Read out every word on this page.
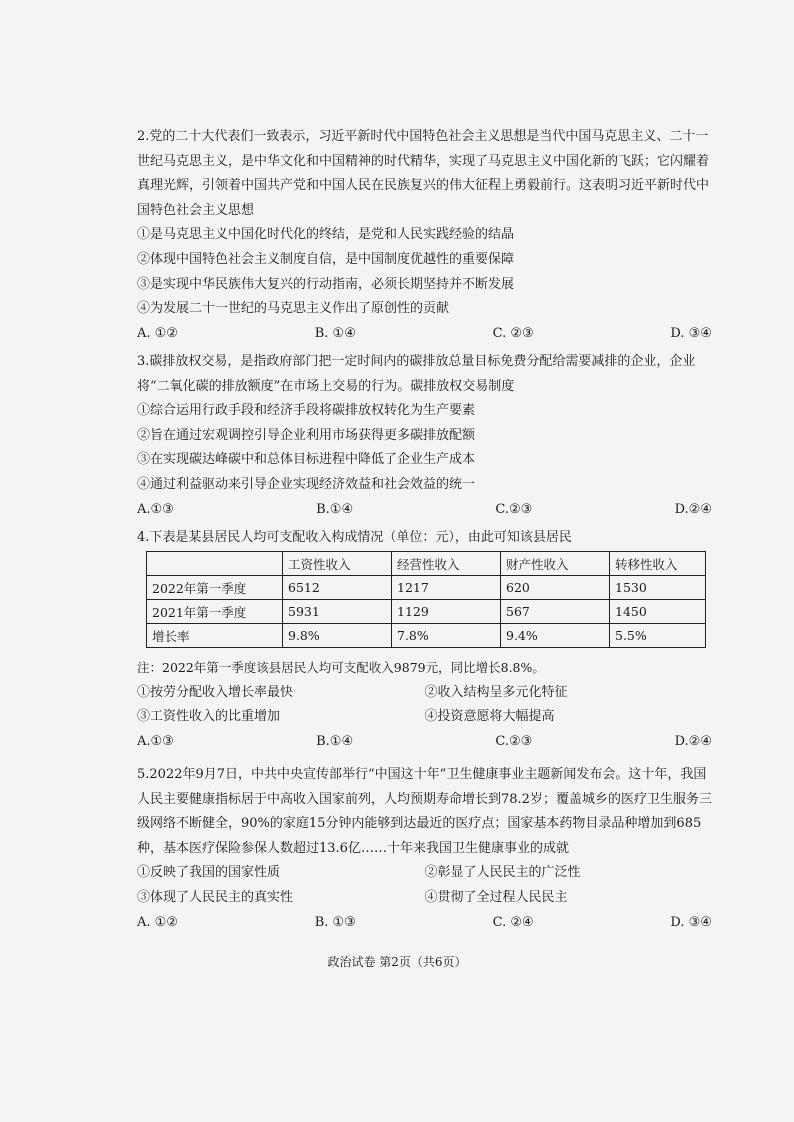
2.党的二十大代表们一致表示，习近平新时代中国特色社会主义思想是当代中国马克思主义、二十一世纪马克思主义，是中华文化和中国精神的时代精华，实现了马克思主义中国化新的飞跃；它闪耀着真理光辉，引领着中国共产党和中国人民在民族复兴的伟大征程上勇毅前行。这表明习近平新时代中国特色社会主义思想

①是马克思主义中国化时代化的终结，是党和人民实践经验的结晶

②体现中国特色社会主义制度自信，是中国制度优越性的重要保障

③是实现中华民族伟大复兴的行动指南，必须长期坚持并不断发展

④为发展二十一世纪的马克思主义作出了原创性的贡献

A. ①②	B. ①④	C. ②③	D. ③④

3.碳排放权交易，是指政府部门把一定时间内的碳排放总量目标免费分配给需要减排的企业，企业将“二氧化碳的排放额度”在市场上交易的行为。碳排放权交易制度

①综合运用行政手段和经济手段将碳排放权转化为生产要素

②旨在通过宏观调控引导企业利用市场获得更多碳排放配额

③在实现碳达峰碳中和总体目标进程中降低了企业生产成本

④通过利益驱动来引导企业实现经济效益和社会效益的统一

A.①③	B.①④	C.②③	D.②④

4.下表是某县居民人均可支配收入构成情况（单位：元），由此可知该县居民

	工资性收入	经营性收入	财产性收入	转移性收入
2022年第一季度	6512	1217	620	1530
2021年第一季度	5931	1129	567	1450
增长率	9.8%	7.8%	9.4%	5.5%

注：2022年第一季度该县居民人均可支配收入9879元，同比增长8.8%。

①按劳分配收入增长率最快	②收入结构呈多元化特征
③工资性收入的比重增加	④投资意愿将大幅提高
A.①③	B.①④	C.②③	D.②④

5.2022年9月7日，中共中央宣传部举行“中国这十年”卫生健康事业主题新闻发布会。这十年，我国人民主要健康指标居于中高收入国家前列，人均预期寿命增长到78.2岁；覆盖城乡的医疗卫生服务三级网络不断健全，90%的家庭15分钟内能够到达最近的医疗点；国家基本药物目录品种增加到685种，基本医疗保险参保人数超过13.6亿……十年来我国卫生健康事业的成就

①反映了我国的国家性质	②彰显了人民民主的广泛性
③体现了人民民主的真实性	④贯彻了全过程人民民主
A. ①②	B. ①③	C. ②④	D. ③④
政治试卷 第2页（共6页）
